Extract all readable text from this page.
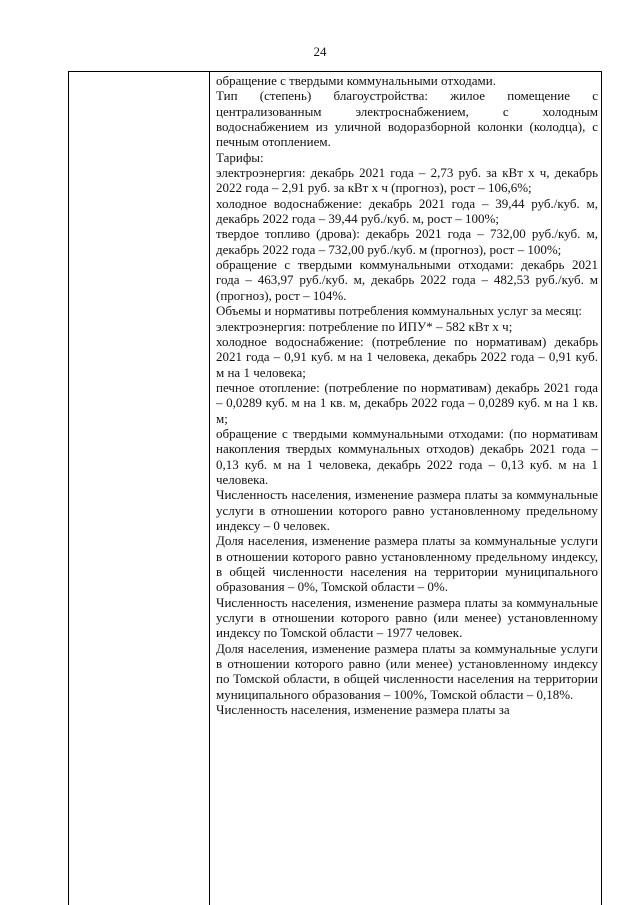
24

обращение с твердыми коммунальными отходами.

Тип (степень) благоустройства: жилое помещение с централизованным электроснабжением, с холодным водоснабжением из уличной водоразборной колонки (колодца), с печным отоплением.

Тарифы:

электроэнергия: декабрь 2021 года – 2,73 руб. за кВт х ч, декабрь 2022 года – 2,91 руб. за кВт х ч (прогноз), рост – 106,6%;

холодное водоснабжение: декабрь 2021 года – 39,44 руб./куб. м, декабрь 2022 года – 39,44 руб./куб. м, рост – 100%;

твердое топливо (дрова): декабрь 2021 года – 732,00 руб./куб. м, декабрь 2022 года – 732,00 руб./куб. м (прогноз), рост – 100%;

обращение с твердыми коммунальными отходами: декабрь 2021 года – 463,97 руб./куб. м, декабрь 2022 года – 482,53 руб./куб. м (прогноз), рост – 104%.

Объемы и нормативы потребления коммунальных услуг за месяц:

электроэнергия: потребление по ИПУ* – 582 кВт х ч;

холодное водоснабжение: (потребление по нормативам) декабрь 2021 года – 0,91 куб. м на 1 человека, декабрь 2022 года – 0,91 куб. м на 1 человека;

печное отопление: (потребление по нормативам) декабрь 2021 года – 0,0289 куб. м на 1 кв. м, декабрь 2022 года – 0,0289 куб. м на 1 кв. м;

обращение с твердыми коммунальными отходами: (по нормативам накопления твердых коммунальных отходов) декабрь 2021 года – 0,13 куб. м на 1 человека, декабрь 2022 года – 0,13 куб. м на 1 человека.

Численность населения, изменение размера платы за коммунальные услуги в отношении которого равно установленному предельному индексу – 0 человек.

Доля населения, изменение размера платы за коммунальные услуги в отношении которого равно установленному предельному индексу, в общей численности населения на территории муниципального образования – 0%, Томской области – 0%.

Численность населения, изменение размера платы за коммунальные услуги в отношении которого равно (или менее) установленному индексу по Томской области – 1977 человек.

Доля населения, изменение размера платы за коммунальные услуги в отношении которого равно (или менее) установленному индексу по Томской области, в общей численности населения на территории муниципального образования – 100%, Томской области – 0,18%.

Численность населения, изменение размера платы за
